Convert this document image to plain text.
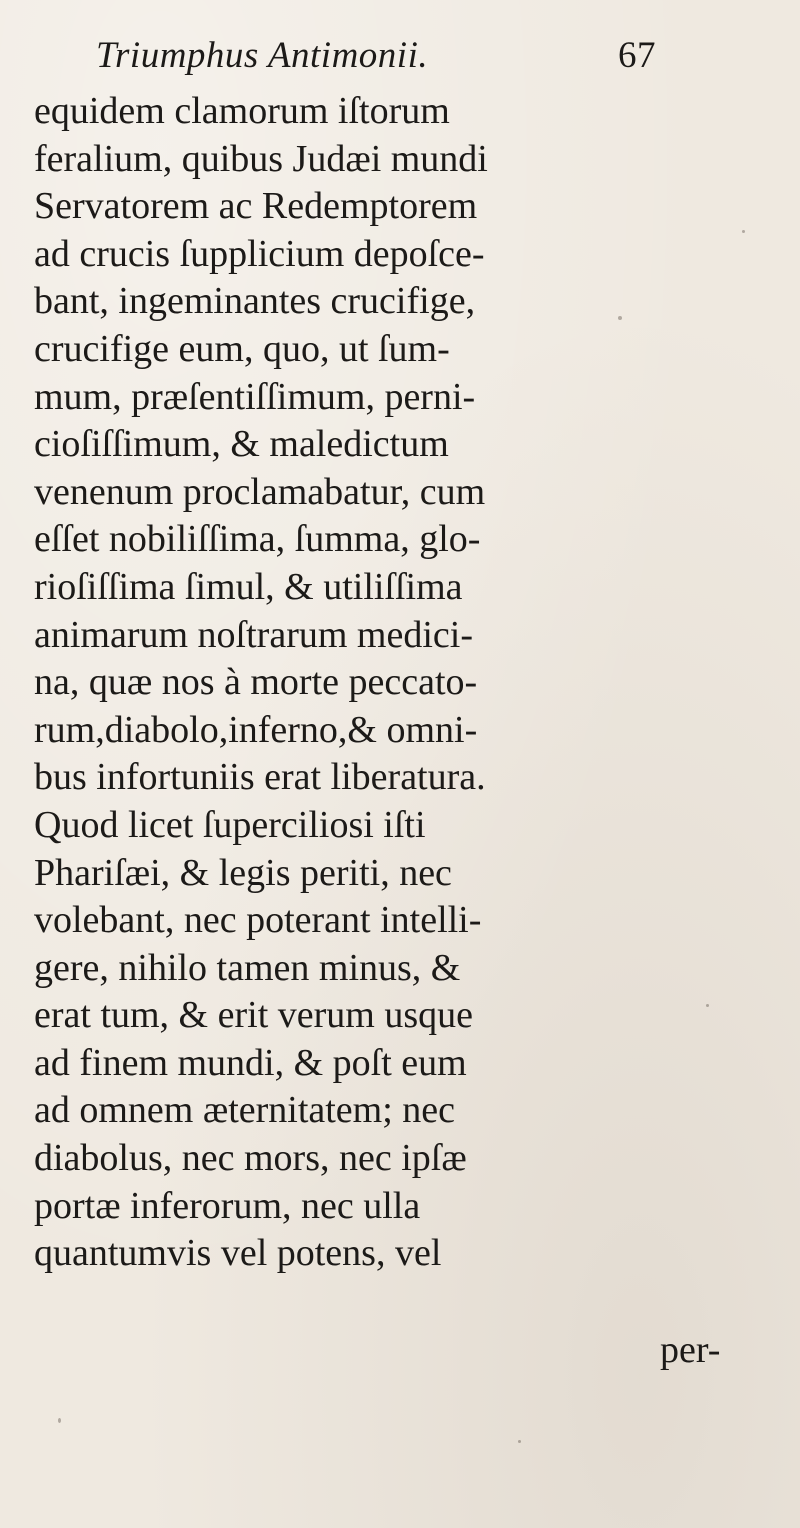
Triumphus Antimonii.	67
equidem clamorum iſtorum
feralium, quibus Judæi mundi
Servatorem ac Redemptorem
ad crucis ſupplicium depoſce-
bant, ingeminantes crucifige,
crucifige eum, quo, ut ſum-
mum, præſentiſſimum, perni-
cioſiſſimum, & maledictum
venenum proclamabatur, cum
eſſet nobiliſſima, ſumma, glo-
rioſiſſima ſimul, & utiliſſima
animarum noſtrarum medici-
na, quæ nos à morte peccato-
rum,diabolo,inferno,& omni-
bus infortuniis erat liberatura.
Quod licet ſuperciliosi iſti
Phariſæi, & legis periti, nec
volebant, nec poterant intelli-
gere, nihilo tamen minus, &
erat tum, & erit verum usque
ad finem mundi, & poſt eum
ad omnem æternitatem; nec
diabolus, nec mors, nec ipſæ
portæ inferorum, nec ulla
quantumvis vel potens, vel
per-
